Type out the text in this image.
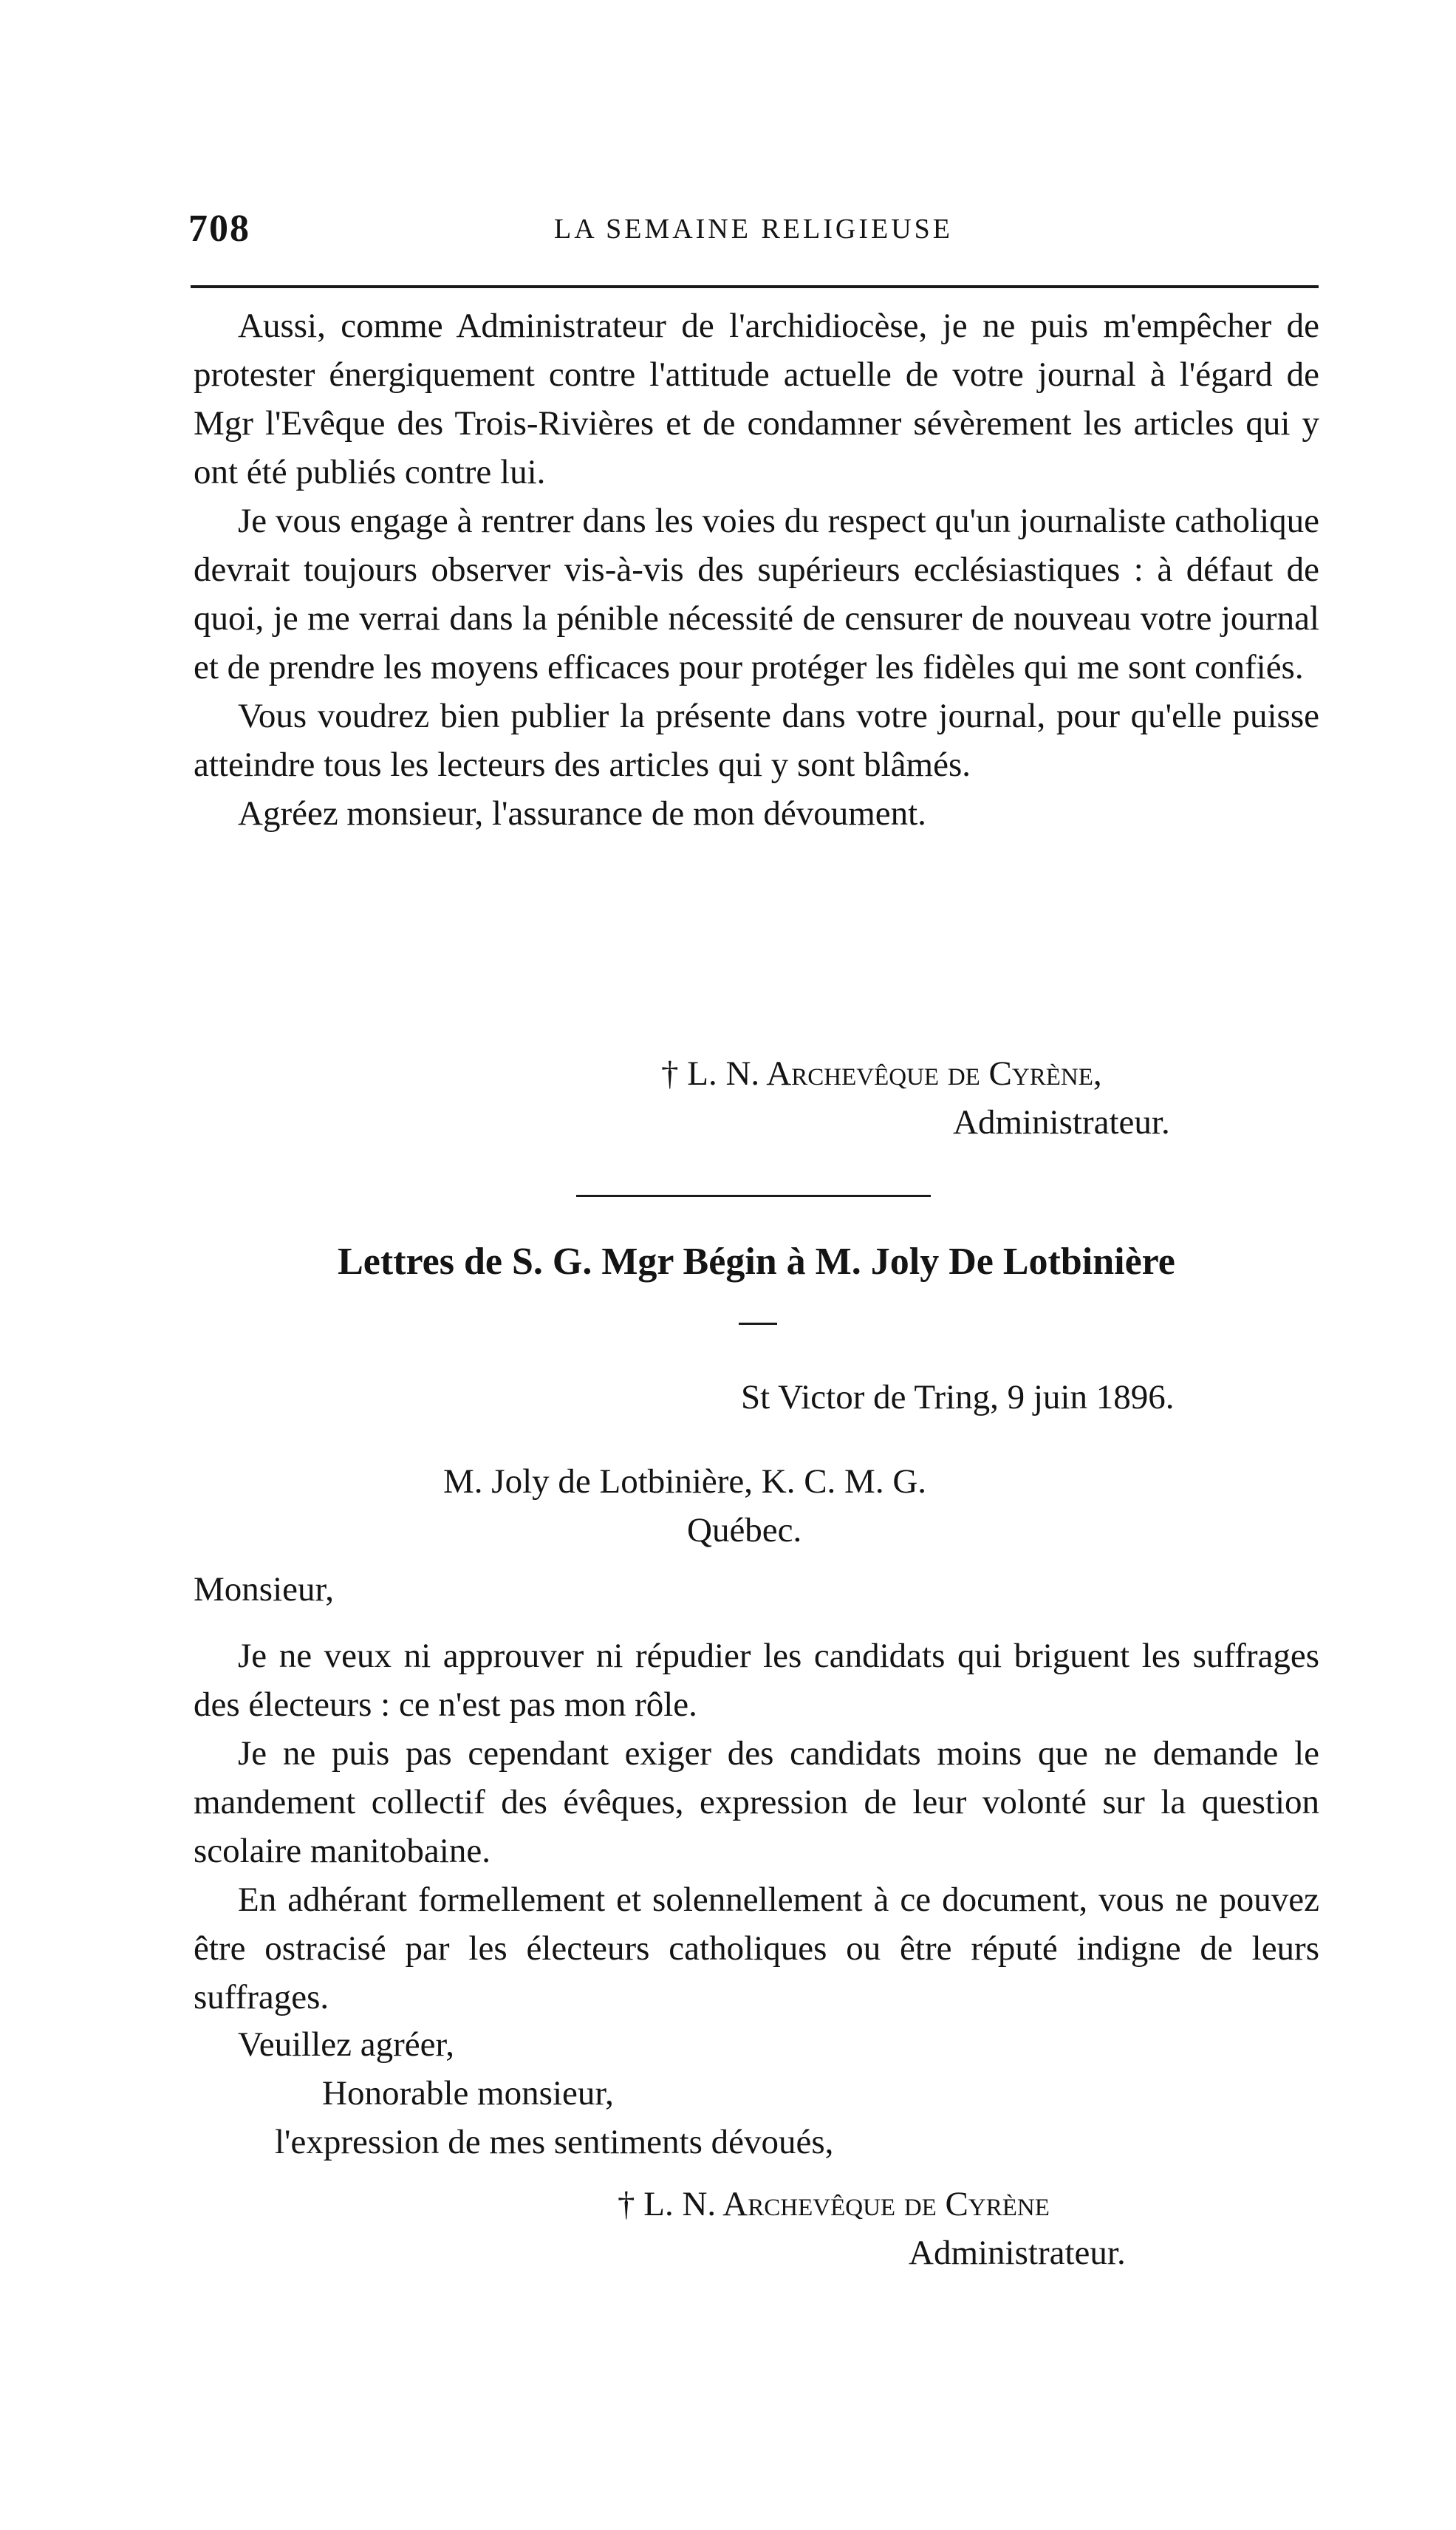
708	LA SEMAINE RELIGIEUSE

Aussi, comme Administrateur de l'archidiocèse, je ne puis m'empêcher de protester énergiquement contre l'attitude actuelle de votre journal à l'égard de Mgr l'Evêque des Trois-Rivières et de condamner sévèrement les articles qui y ont été publiés contre lui.

Je vous engage à rentrer dans les voies du respect qu'un journaliste catholique devrait toujours observer vis-à-vis des supérieurs ecclésiastiques : à défaut de quoi, je me verrai dans la pénible nécessité de censurer de nouveau votre journal et de prendre les moyens efficaces pour protéger les fidèles qui me sont confiés.

Vous voudrez bien publier la présente dans votre journal, pour qu'elle puisse atteindre tous les lecteurs des articles qui y sont blâmés.

Agréez monsieur, l'assurance de mon dévoument.

† L. N. Archevêque de Cyrène,
Administrateur.
Lettres de S. G. Mgr Bégin à M. Joly De Lotbinière
St Victor de Tring, 9 juin 1896.
M. Joly de Lotbinière, K. C. M. G.
Québec.
Monsieur,

Je ne veux ni approuver ni répudier les candidats qui briguent les suffrages des électeurs : ce n'est pas mon rôle.

Je ne puis pas cependant exiger des candidats moins que ne demande le mandement collectif des évêques, expression de leur volonté sur la question scolaire manitobaine.

En adhérant formellement et solennellement à ce document, vous ne pouvez être ostracisé par les électeurs catholiques ou être réputé indigne de leurs suffrages.

Veuillez agréer,
Honorable monsieur,
l'expression de mes sentiments dévoués,
† L. N. Archevêque de Cyrène
Administrateur.
